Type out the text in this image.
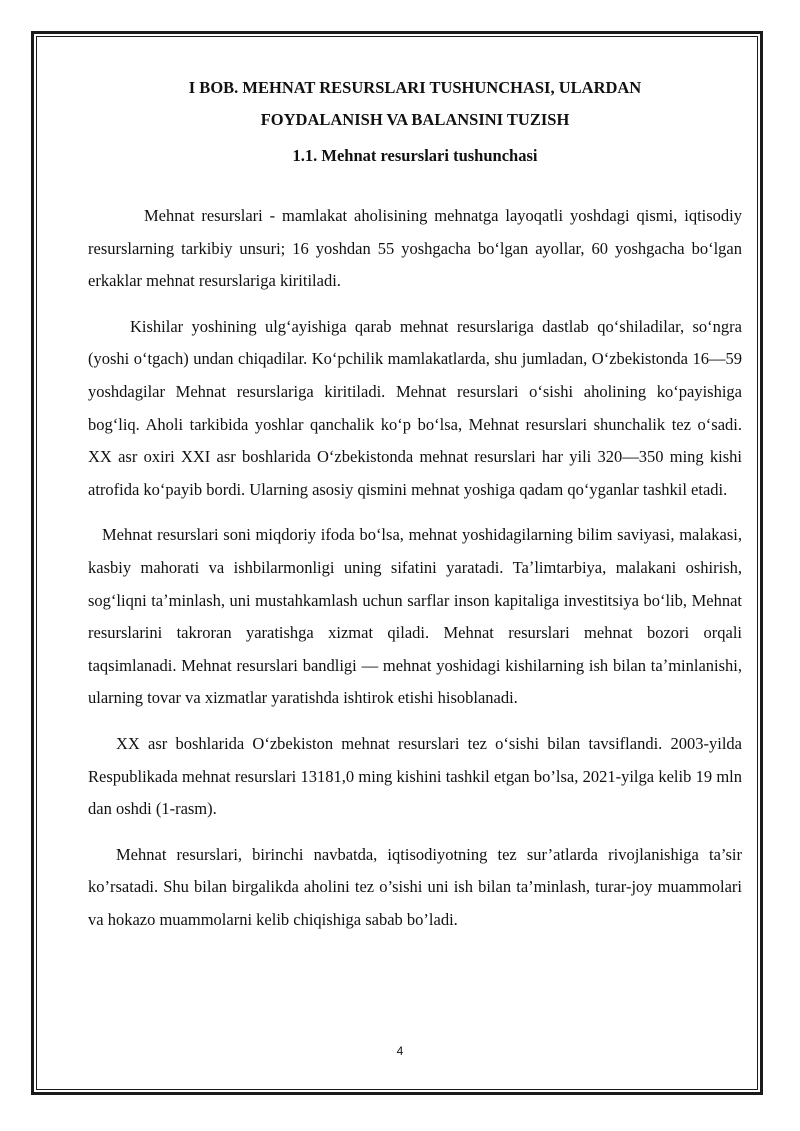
I BOB. MEHNAT RESURSLARI TUSHUNCHASI, ULARDAN
FOYDALANISH VA BALANSINI TUZISH
1.1. Mehnat resurslari tushunchasi

Mehnat resurslari - mamlakat aholisining mehnatga layoqatli yoshdagi qismi, iqtisodiy resurslarning tarkibiy unsuri; 16 yoshdan 55 yoshgacha boʻlgan ayollar, 60 yoshgacha boʻlgan erkaklar mehnat resurslariga kiritiladi.

Kishilar yoshining ulgʻayishiga qarab mehnat resurslariga dastlab qoʻshiladilar, soʻngra (yoshi oʻtgach) undan chiqadilar. Koʻpchilik mamlakatlarda, shu jumladan, Oʻzbekistonda 16—59 yoshdagilar Mehnat resurslariga kiritiladi. Mehnat resurslari oʻsishi aholining koʻpayishiga bogʻliq. Aholi tarkibida yoshlar qanchalik koʻp boʻlsa, Mehnat resurslari shunchalik tez oʻsadi. XX asr oxiri XXI asr boshlarida Oʻzbekistonda mehnat resurslari har yili 320—350 ming kishi atrofida koʻpayib bordi. Ularning asosiy qismini mehnat yoshiga qadam qoʻyganlar tashkil etadi.

Mehnat resurslari soni miqdoriy ifoda boʻlsa, mehnat yoshidagilarning bilim saviyasi, malakasi, kasbiy mahorati va ishbilarmonligi uning sifatini yaratadi. Taʼlimtarbiya, malakani oshirish, sogʻliqni taʼminlash, uni mustahkamlash uchun sarflar inson kapitaliga investitsiya boʻlib, Mehnat resurslarini takroran yaratishga xizmat qiladi. Mehnat resurslari mehnat bozori orqali taqsimlanadi. Mehnat resurslari bandligi — mehnat yoshidagi kishilarning ish bilan taʼminlanishi, ularning tovar va xizmatlar yaratishda ishtirok etishi hisoblanadi.

XX asr boshlarida Oʻzbekiston mehnat resurslari tez oʻsishi bilan tavsiflandi. 2003-yilda Respublikada mehnat resurslari 13181,0 ming kishini tashkil etgan bo’lsa, 2021-yilga kelib 19 mln dan oshdi (1-rasm).

Mehnat resurslari, birinchi navbatda, iqtisodiyotning tez sur’atlarda rivojlanishiga ta’sir ko’rsatadi. Shu bilan birgalikda aholini tez o’sishi uni ish bilan ta’minlash, turar-joy muammolari va hokazo muammolarni kelib chiqishiga sabab bo’ladi.

4
